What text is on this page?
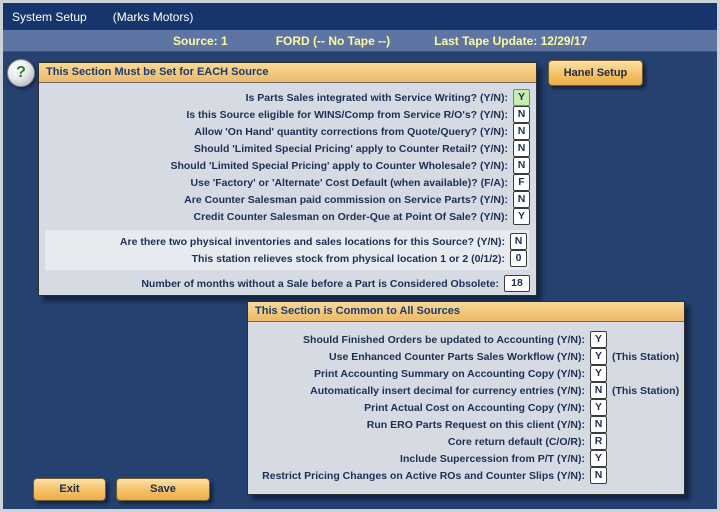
System Setup (Marks Motors)
Source: 1	FORD (-- No Tape --)	Last Tape Update: 12/29/17
?	Hanel Setup
This Section Must be Set for EACH Source
Is Parts Sales integrated with Service Writing? (Y/N): Y
Is this Source eligible for WINS/Comp from Service R/O's? (Y/N): N
Allow 'On Hand' quantity corrections from Quote/Query? (Y/N): N
Should 'Limited Special Pricing' apply to Counter Retail? (Y/N): N
Should 'Limited Special Pricing' apply to Counter Wholesale? (Y/N): N
Use 'Factory' or 'Alternate' Cost Default (when available)? (F/A): F
Are Counter Salesman paid commission on Service Parts? (Y/N): N
Credit Counter Salesman on Order-Que at Point Of Sale? (Y/N): Y
Are there two physical inventories and sales locations for this Source? (Y/N): N
This station relieves stock from physical location 1 or 2 (0/1/2):	0
Number of months without a Sale before a Part is Considered Obsolete:	18
This Section is Common to All Sources
Should Finished Orders be updated to Accounting (Y/N): Y
Use Enhanced Counter Parts Sales Workflow (Y/N): Y (This Station)
Print Accounting Summary on Accounting Copy (Y/N): Y
Automatically insert decimal for currency entries (Y/N): N (This Station)
Print Actual Cost on Accounting Copy (Y/N): Y
Run ERO Parts Request on this client (Y/N): N
Core return default (C/O/R): R
Include Supercession from P/T (Y/N): Y
Restrict Pricing Changes on Active ROs and Counter Slips (Y/N): N
Exit	Save
